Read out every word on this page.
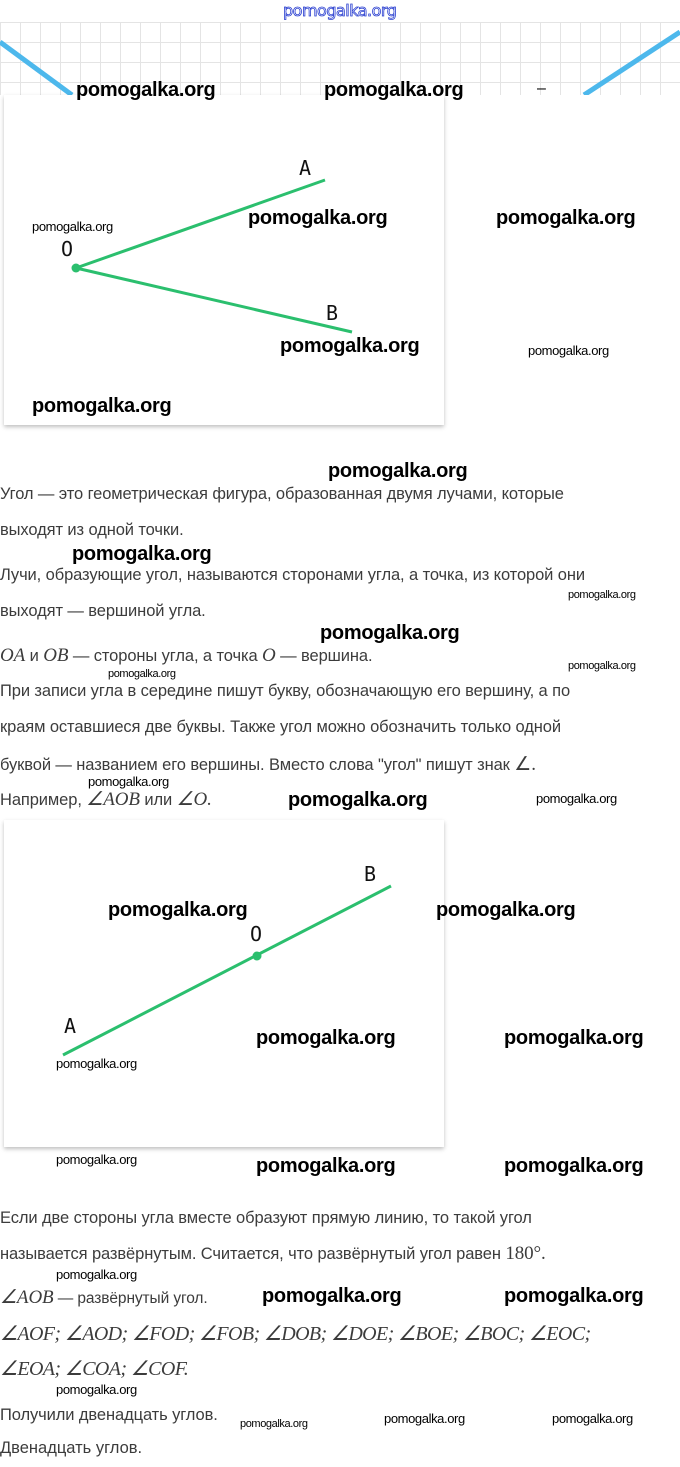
pomogalka.org
–
A
O
B
Угол — это геометрическая фигура, образованная двумя лучами, которые
выходят из одной точки.
Лучи, образующие угол, называются сторонами угла, а точка, из которой они
выходят — вершиной угла.
OA и OB — стороны угла, а точка O — вершина.
При записи угла в середине пишут букву, обозначающую его вершину, а по
краям оставшиеся две буквы. Также угол можно обозначить только одной
буквой — названием его вершины. Вместо слова "угол" пишут знак ∠.
Например, ∠AOB или ∠O.
B
O
A
Если две стороны угла вместе образуют прямую линию, то такой угол
называется развёрнутым. Считается, что развёрнутый угол равен 180°.
∠AOB — развёрнутый угол.
∠AOF; ∠AOD; ∠FOD; ∠FOB; ∠DOB; ∠DOE; ∠BOE; ∠BOC; ∠EOC;
∠EOA; ∠COA; ∠COF.
Получили двенадцать углов.
Двенадцать углов.
pomogalka.org	pomogalka.org
pomogalka.org	pomogalka.org
pomogalka.org
pomogalka.org
pomogalka.org
pomogalka.org
pomogalka.org
pomogalka.org
pomogalka.org	pomogalka.org
pomogalka.org	pomogalka.org
pomogalka.org	pomogalka.org
pomogalka.org	pomogalka.org
pomogalka.org
pomogalka.org
pomogalka.org
pomogalka.org
pomogalka.org
pomogalka.org
pomogalka.org
pomogalka.org
pomogalka.org
pomogalka.org
pomogalka.org
pomogalka.org	pomogalka.org	pomogalka.org
